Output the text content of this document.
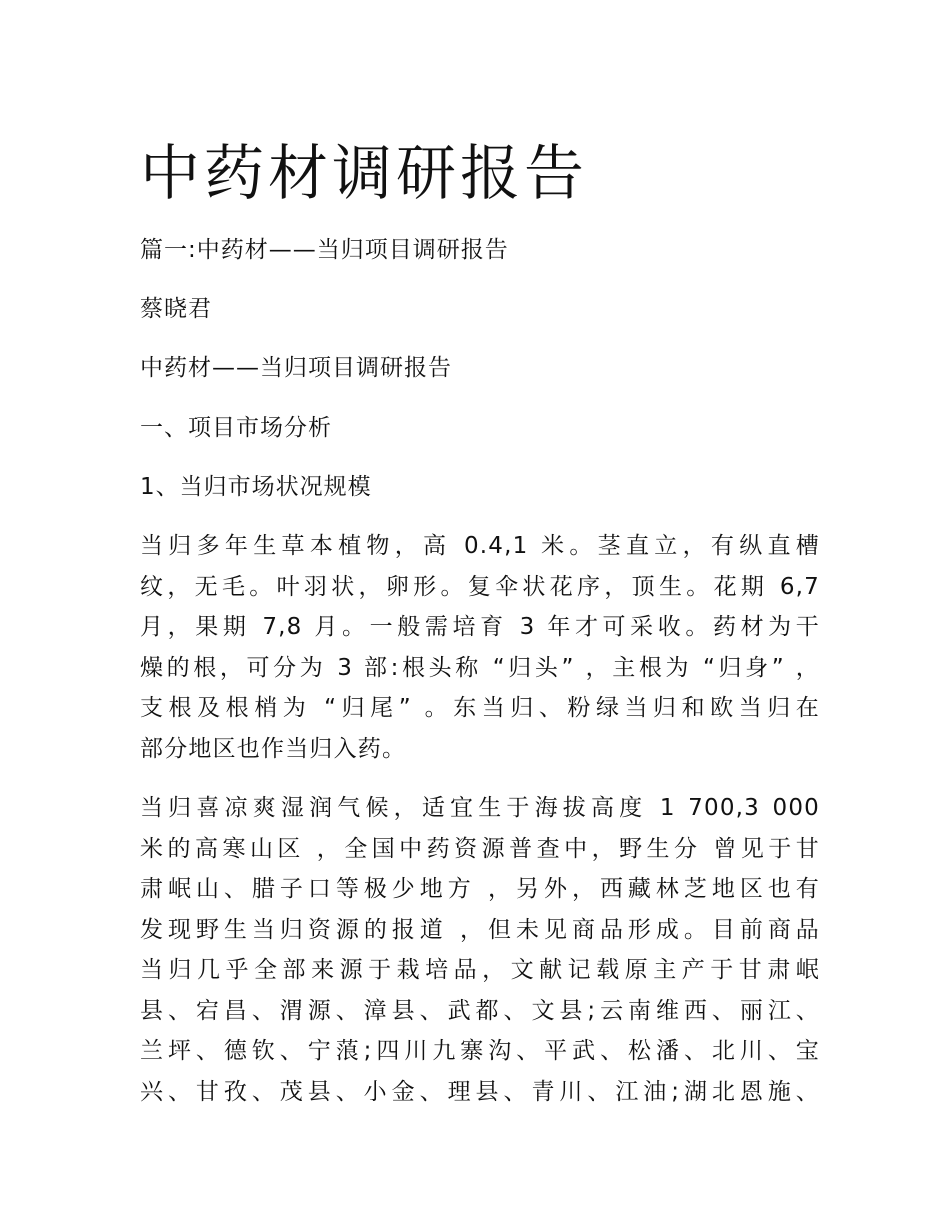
中药材调研报告

篇一:中药材——当归项目调研报告

蔡晓君

中药材——当归项目调研报告

一、项目市场分析

1、当归市场状况规模

当归多年生草本植物，高 0.4,1 米。茎直立，有纵直槽
纹，无毛。叶羽状，卵形。复伞状花序，顶生。花期 6,7
月，果期 7,8 月。一般需培育 3 年才可采收。药材为干
燥的根，可分为 3 部:根头称 “归头” ，主根为 “归身” ，
支根及根梢为 “归尾” 。东当归、粉绿当归和欧当归在
部分地区也作当归入药。
当归喜凉爽湿润气候，适宜生于海拔高度 1 700,3 000
米的高寒山区 ，全国中药资源普查中，野生分 曾见于甘
肃岷山、腊子口等极少地方 ，另外，西藏林芝地区也有
发现野生当归资源的报道 ，但未见商品形成。目前商品
当归几乎全部来源于栽培品，文献记载原主产于甘肃岷
县、宕昌、渭源、漳县、武都、文县;云南维西、丽江、
兰坪、德钦、宁蒗;四川九寨沟、平武、松潘、北川、宝
兴、甘孜、茂县、小金、理县、青川、江油;湖北恩施、
